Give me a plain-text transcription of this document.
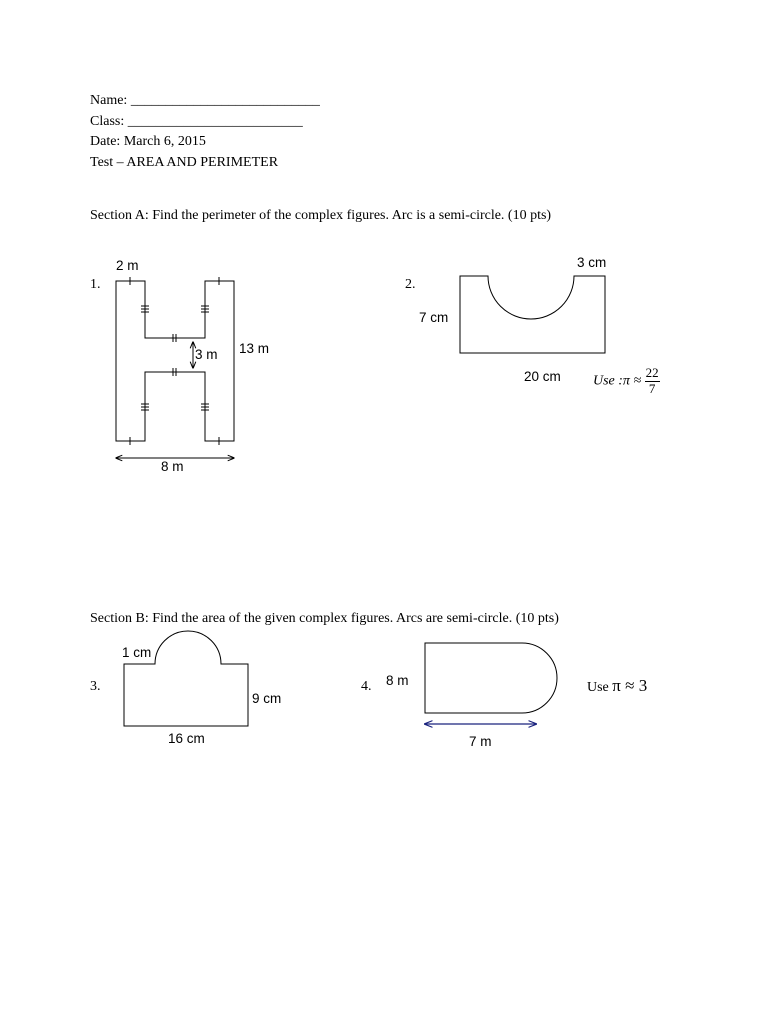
Name: ___________________________
Class: _________________________
Date: March 6, 2015
Test – AREA AND PERIMETER
Section A: Find the perimeter of the complex figures. Arc is a semi-circle. (10 pts)
1.
2 m
3 m 13 m
8 m
2.
3 cm
7 cm
20 cm Use :π ≈ $\frac{22}{7}$
Section B: Find the area of the given complex figures. Arcs are semi-circle. (10 pts)
3.
1 cm
9 cm
16 cm
4. 8 m
7 m
Use π ≈ 3
